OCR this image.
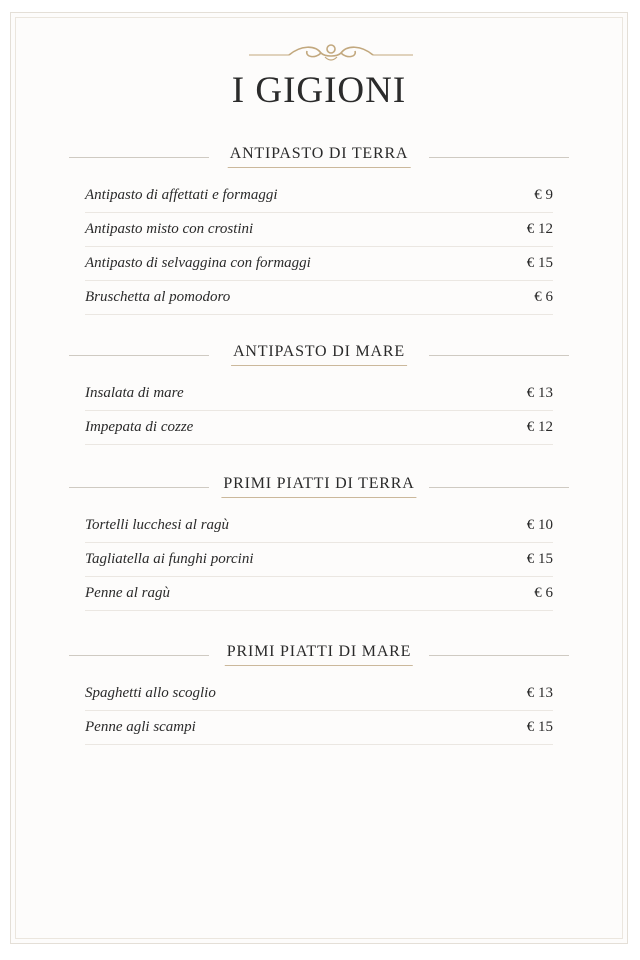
I GIGIONI
ANTIPASTO DI TERRA
Antipasto di affettati e formaggi	€ 9
Antipasto misto con crostini	€ 12
Antipasto di selvaggina con formaggi	€ 15
Bruschetta al pomodoro	€ 6
ANTIPASTO DI MARE
Insalata di mare	€ 13
Impepata di cozze	€ 12
PRIMI PIATTI DI TERRA
Tortelli lucchesi al ragù	€ 10
Tagliatella ai funghi porcini	€ 15
Penne al ragù	€ 6
PRIMI PIATTI DI MARE
Spaghetti allo scoglio	€ 13
Penne agli scampi	€ 15
